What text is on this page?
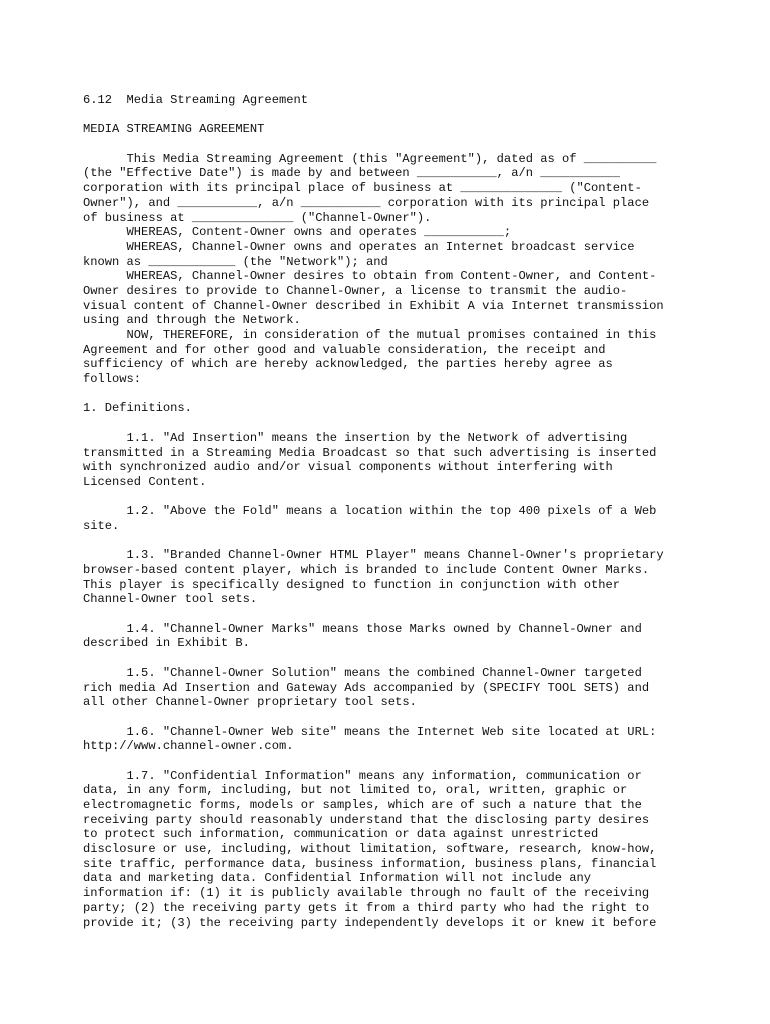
6.12  Media Streaming Agreement
MEDIA STREAMING AGREEMENT
This Media Streaming Agreement (this "Agreement"), dated as of __________
(the "Effective Date") is made by and between ___________, a/n ___________
corporation with its principal place of business at ______________ ("Content-
Owner"), and ___________, a/n ___________ corporation with its principal place
of business at ______________ ("Channel-Owner").
WHEREAS, Content-Owner owns and operates ___________;
WHEREAS, Channel-Owner owns and operates an Internet broadcast service
known as ____________ (the "Network"); and
WHEREAS, Channel-Owner desires to obtain from Content-Owner, and Content-
Owner desires to provide to Channel-Owner, a license to transmit the audio-
visual content of Channel-Owner described in Exhibit A via Internet transmission
using and through the Network.
NOW, THEREFORE, in consideration of the mutual promises contained in this
Agreement and for other good and valuable consideration, the receipt and
sufficiency of which are hereby acknowledged, the parties hereby agree as
follows:
1. Definitions.
1.1. "Ad Insertion" means the insertion by the Network of advertising
transmitted in a Streaming Media Broadcast so that such advertising is inserted
with synchronized audio and/or visual components without interfering with
Licensed Content.
1.2. "Above the Fold" means a location within the top 400 pixels of a Web
site.
1.3. "Branded Channel-Owner HTML Player" means Channel-Owner's proprietary
browser-based content player, which is branded to include Content Owner Marks.
This player is specifically designed to function in conjunction with other
Channel-Owner tool sets.
1.4. "Channel-Owner Marks" means those Marks owned by Channel-Owner and
described in Exhibit B.
1.5. "Channel-Owner Solution" means the combined Channel-Owner targeted
rich media Ad Insertion and Gateway Ads accompanied by (SPECIFY TOOL SETS) and
all other Channel-Owner proprietary tool sets.
1.6. "Channel-Owner Web site" means the Internet Web site located at URL:
http://www.channel-owner.com.
1.7. "Confidential Information" means any information, communication or
data, in any form, including, but not limited to, oral, written, graphic or
electromagnetic forms, models or samples, which are of such a nature that the
receiving party should reasonably understand that the disclosing party desires
to protect such information, communication or data against unrestricted
disclosure or use, including, without limitation, software, research, know-how,
site traffic, performance data, business information, business plans, financial
data and marketing data. Confidential Information will not include any
information if: (1) it is publicly available through no fault of the receiving
party; (2) the receiving party gets it from a third party who had the right to
provide it; (3) the receiving party independently develops it or knew it before
